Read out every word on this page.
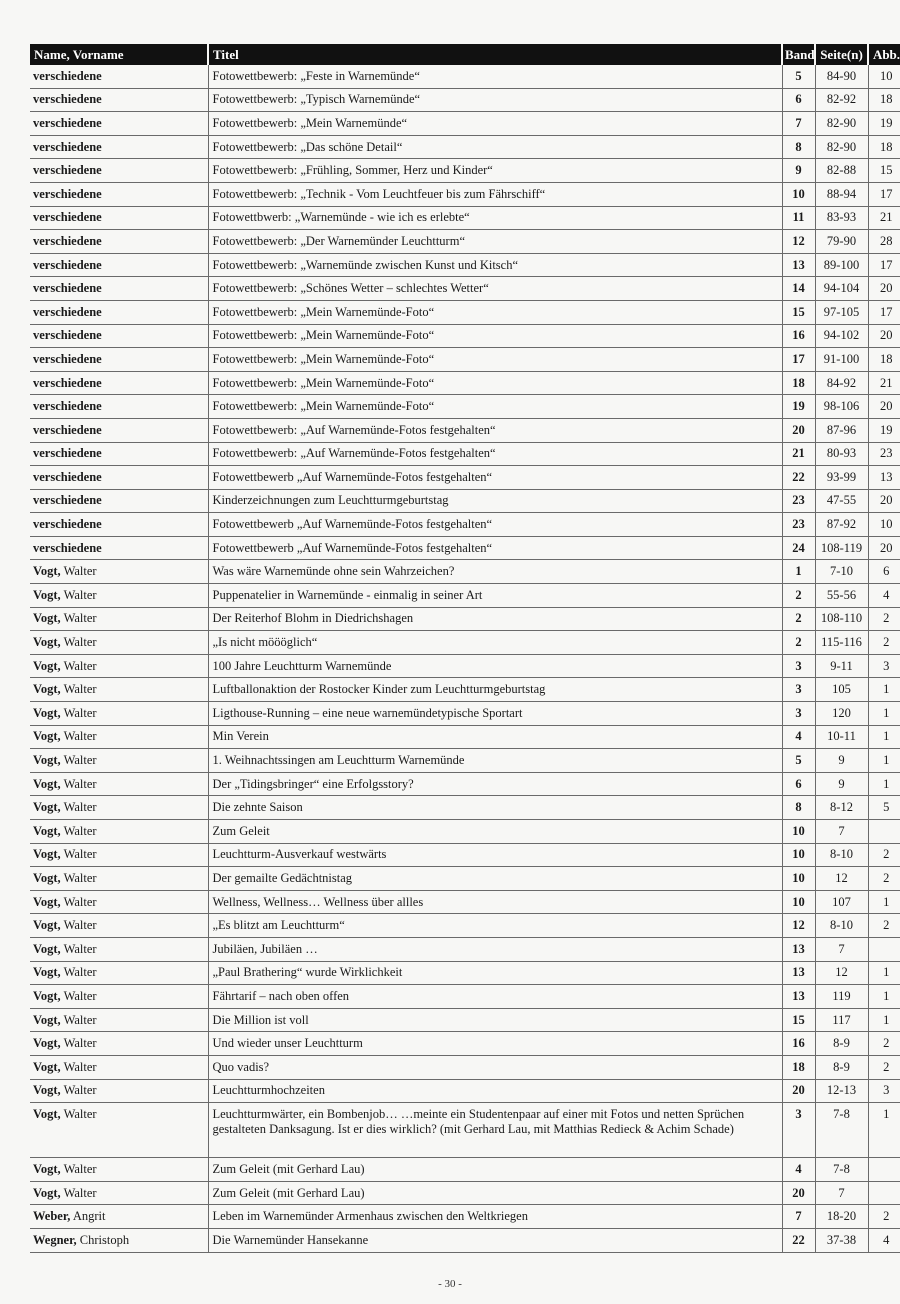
Name, Vorname	Titel	Band	Seite(n)	Abb.
verschiedene	Fotowettbewerb: „Feste in Warnemünde“	5	84-90	10
verschiedene	Fotowettbewerb: „Typisch Warnemünde“	6	82-92	18
verschiedene	Fotowettbewerb: „Mein Warnemünde“	7	82-90	19
verschiedene	Fotowettbewerb: „Das schöne Detail“	8	82-90	18
verschiedene	Fotowettbewerb: „Frühling, Sommer, Herz und Kinder“	9	82-88	15
verschiedene	Fotowettbewerb: „Technik - Vom Leuchtfeuer bis zum Fährschiff“	10	88-94	17
verschiedene	Fotowettbwerb: „Warnemünde - wie ich es erlebte“	11	83-93	21
verschiedene	Fotowettbewerb: „Der Warnemünder Leuchtturm“	12	79-90	28
verschiedene	Fotowettbewerb: „Warnemünde zwischen Kunst und Kitsch“	13	89-100	17
verschiedene	Fotowettbewerb: „Schönes Wetter – schlechtes Wetter“	14	94-104	20
verschiedene	Fotowettbewerb: „Mein Warnemünde-Foto“	15	97-105	17
verschiedene	Fotowettbewerb: „Mein Warnemünde-Foto“	16	94-102	20
verschiedene	Fotowettbewerb: „Mein Warnemünde-Foto“	17	91-100	18
verschiedene	Fotowettbewerb: „Mein Warnemünde-Foto“	18	84-92	21
verschiedene	Fotowettbewerb: „Mein Warnemünde-Foto“	19	98-106	20
verschiedene	Fotowettbewerb: „Auf Warnemünde-Fotos festgehalten“	20	87-96	19
verschiedene	Fotowettbewerb: „Auf Warnemünde-Fotos festgehalten“	21	80-93	23
verschiedene	Fotowettbewerb „Auf Warnemünde-Fotos festgehalten“	22	93-99	13
verschiedene	Kinderzeichnungen zum Leuchtturmgeburtstag	23	47-55	20
verschiedene	Fotowettbewerb „Auf Warnemünde-Fotos festgehalten“	23	87-92	10
verschiedene	Fotowettbewerb „Auf Warnemünde-Fotos festgehalten“	24	108-119	20
Vogt, Walter	Was wäre Warnemünde ohne sein Wahrzeichen?	1	7-10	6
Vogt, Walter	Puppenatelier in Warnemünde - einmalig in seiner Art	2	55-56	4
Vogt, Walter	Der Reiterhof Blohm in Diedrichshagen	2	108-110	2
Vogt, Walter	„Is nicht möööglich“	2	115-116	2
Vogt, Walter	100 Jahre Leuchtturm Warnemünde	3	9-11	3
Vogt, Walter	Luftballonaktion der Rostocker Kinder zum Leuchtturmgeburtstag	3	105	1
Vogt, Walter	Ligthouse-Running – eine neue warnemündetypische Sportart	3	120	1
Vogt, Walter	Min Verein	4	10-11	1
Vogt, Walter	1. Weihnachtssingen am Leuchtturm Warnemünde	5	9	1
Vogt, Walter	Der „Tidingsbringer“ eine Erfolgsstory?	6	9	1
Vogt, Walter	Die zehnte Saison	8	8-12	5
Vogt, Walter	Zum Geleit	10	7	
Vogt, Walter	Leuchtturm-Ausverkauf westwärts	10	8-10	2
Vogt, Walter	Der gemailte Gedächtnistag	10	12	2
Vogt, Walter	Wellness, Wellness… Wellness über allles	10	107	1
Vogt, Walter	„Es blitzt am Leuchtturm“	12	8-10	2
Vogt, Walter	Jubiläen, Jubiläen …	13	7	
Vogt, Walter	„Paul Brathering“ wurde Wirklichkeit	13	12	1
Vogt, Walter	Fährtarif – nach oben offen	13	119	1
Vogt, Walter	Die Million ist voll	15	117	1
Vogt, Walter	Und wieder unser Leuchtturm	16	8-9	2
Vogt, Walter	Quo vadis?	18	8-9	2
Vogt, Walter	Leuchtturmhochzeiten	20	12-13	3
Vogt, Walter	Leuchtturmwärter, ein Bombenjob… …meinte ein Studentenpaar auf einer mit Fotos und netten Sprüchen gestalteten Danksagung. Ist er dies wirklich? (mit Gerhard Lau, mit Matthias Redieck & Achim Schade)	3	7-8	1
Vogt, Walter	Zum Geleit (mit Gerhard Lau)	4	7-8	
Vogt, Walter	Zum Geleit (mit Gerhard Lau)	20	7	
Weber, Angrit	Leben im Warnemünder Armenhaus zwischen den Weltkriegen	7	18-20	2
Wegner, Christoph	Die Warnemünder Hansekanne	22	37-38	4
- 30 -
